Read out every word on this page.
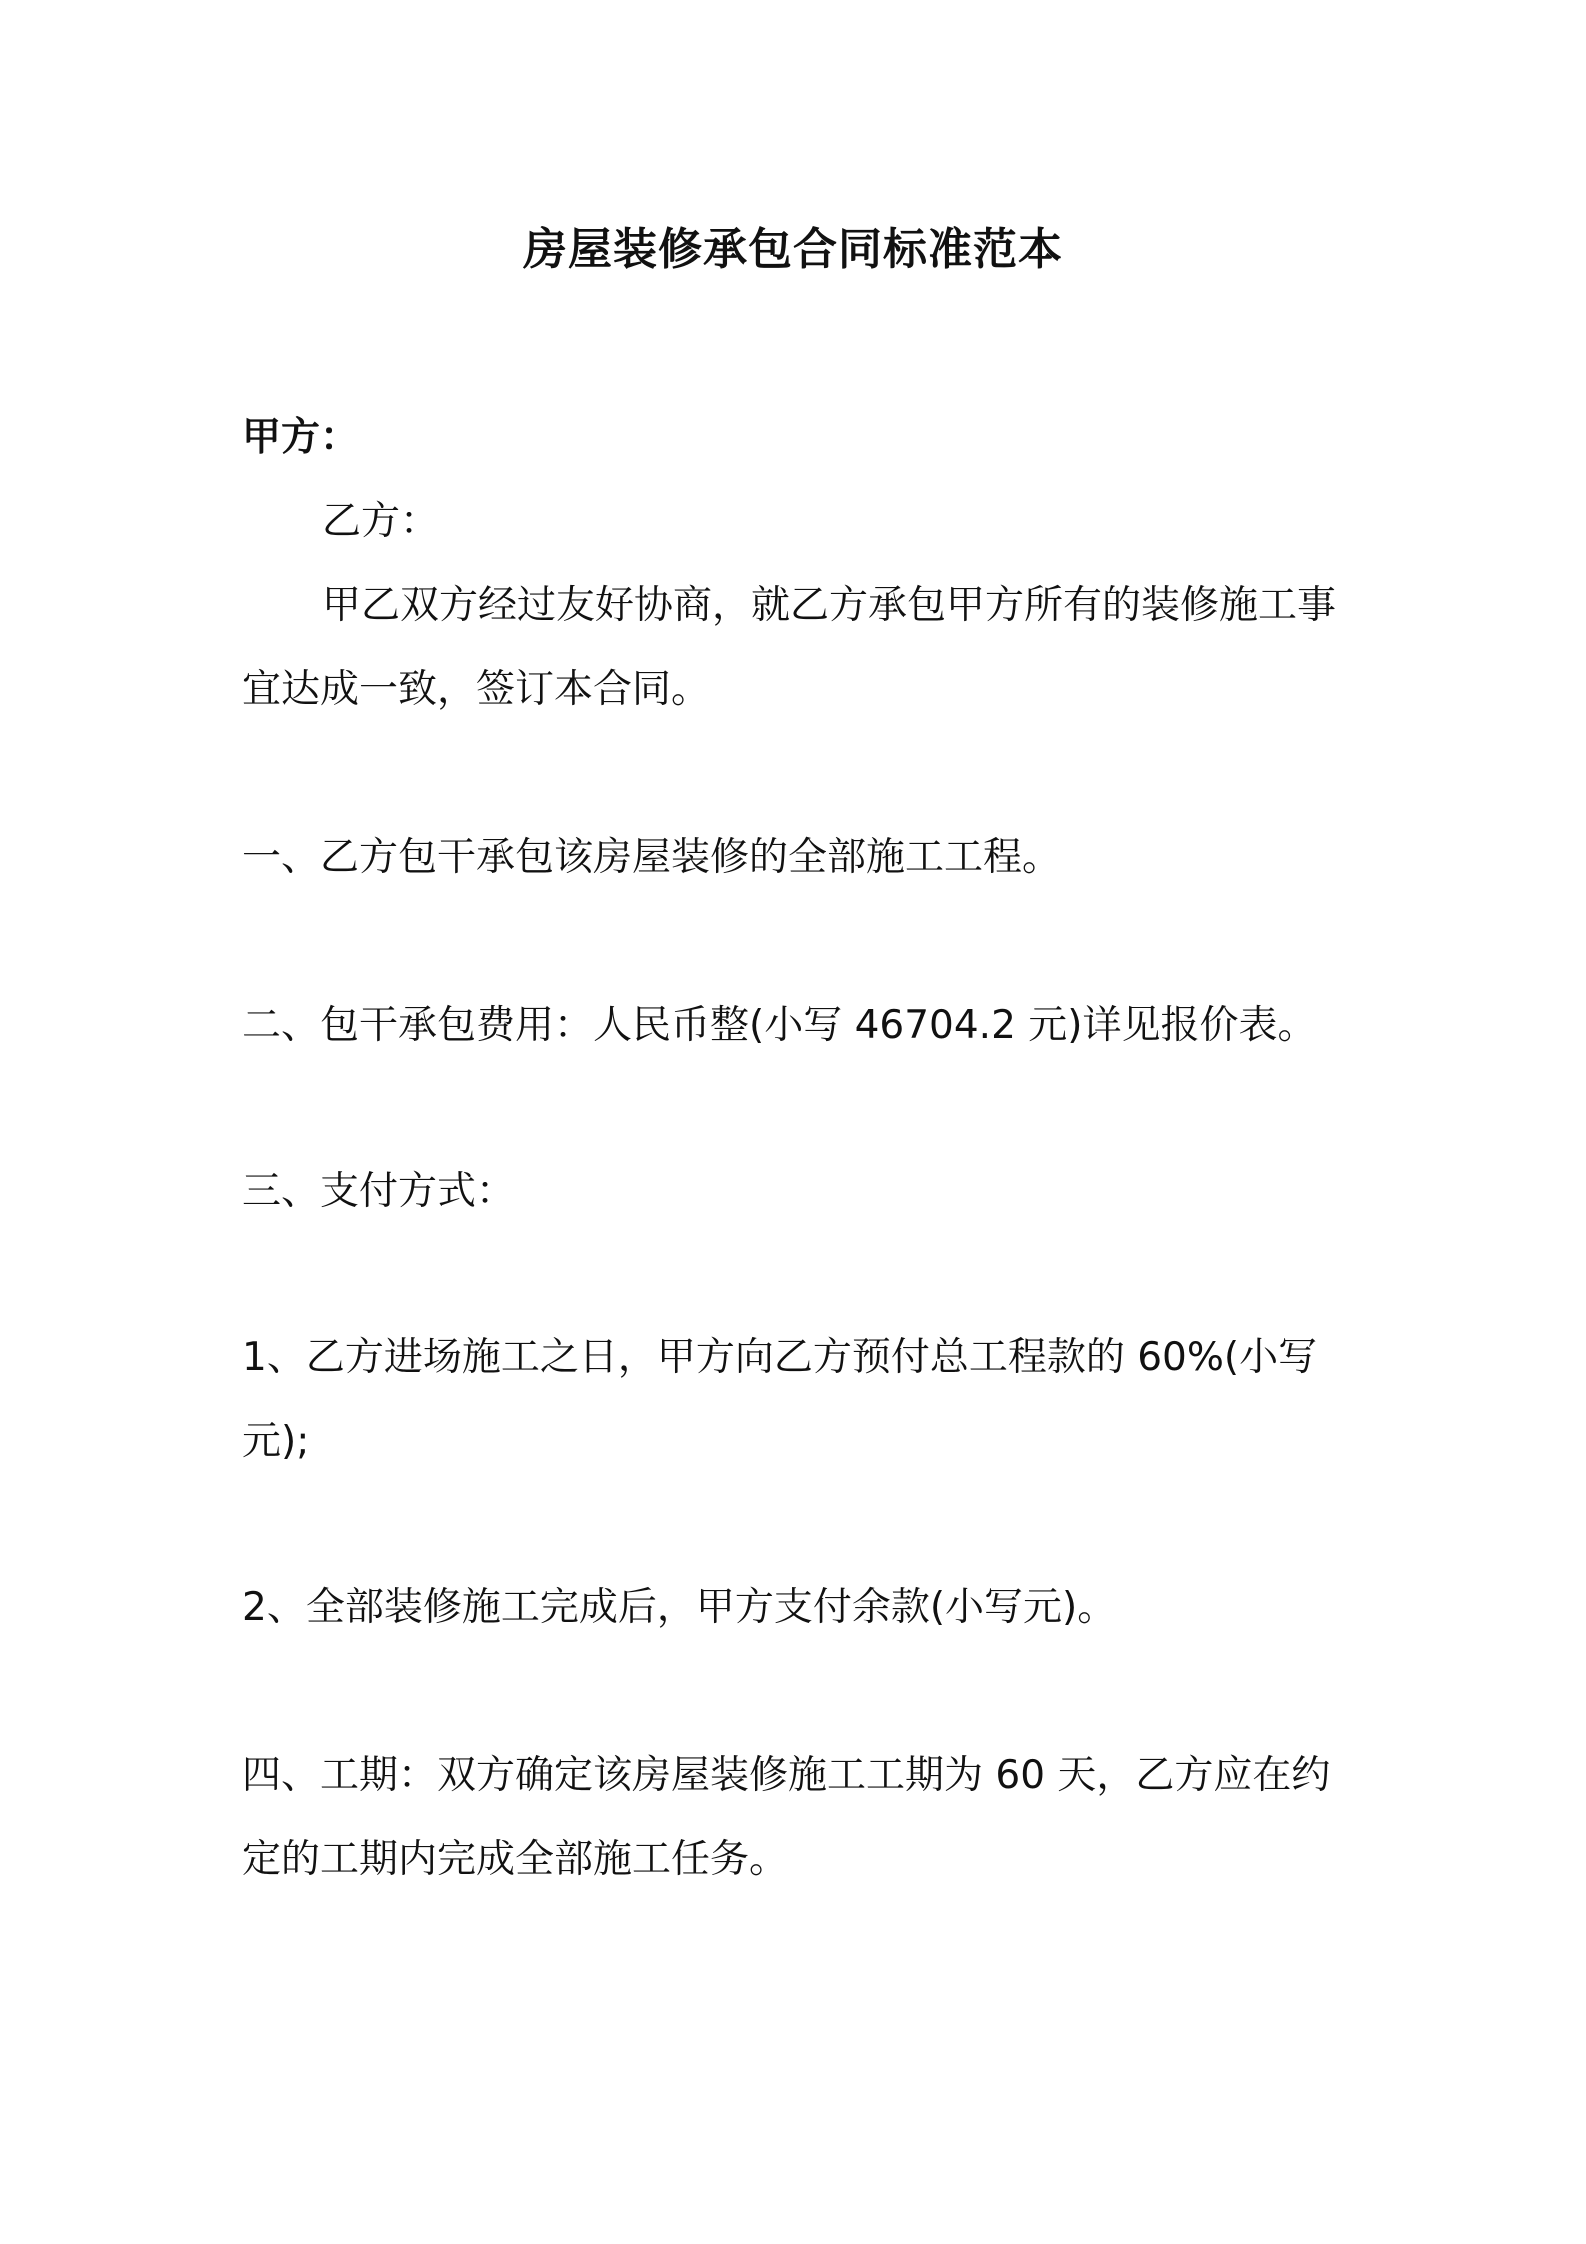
房屋装修承包合同标准范本

甲方：

乙方：

甲乙双方经过友好协商，就乙方承包甲方所有的装修施工事

宜达成一致，签订本合同。

一、乙方包干承包该房屋装修的全部施工工程。

二、包干承包费用：人民币整(小写 46704.2 元)详见报价表。

三、支付方式：

1、乙方进场施工之日，甲方向乙方预付总工程款的 60%(小写

元);

2、全部装修施工完成后，甲方支付余款(小写元)。

四、工期：双方确定该房屋装修施工工期为 60 天，乙方应在约

定的工期内完成全部施工任务。
